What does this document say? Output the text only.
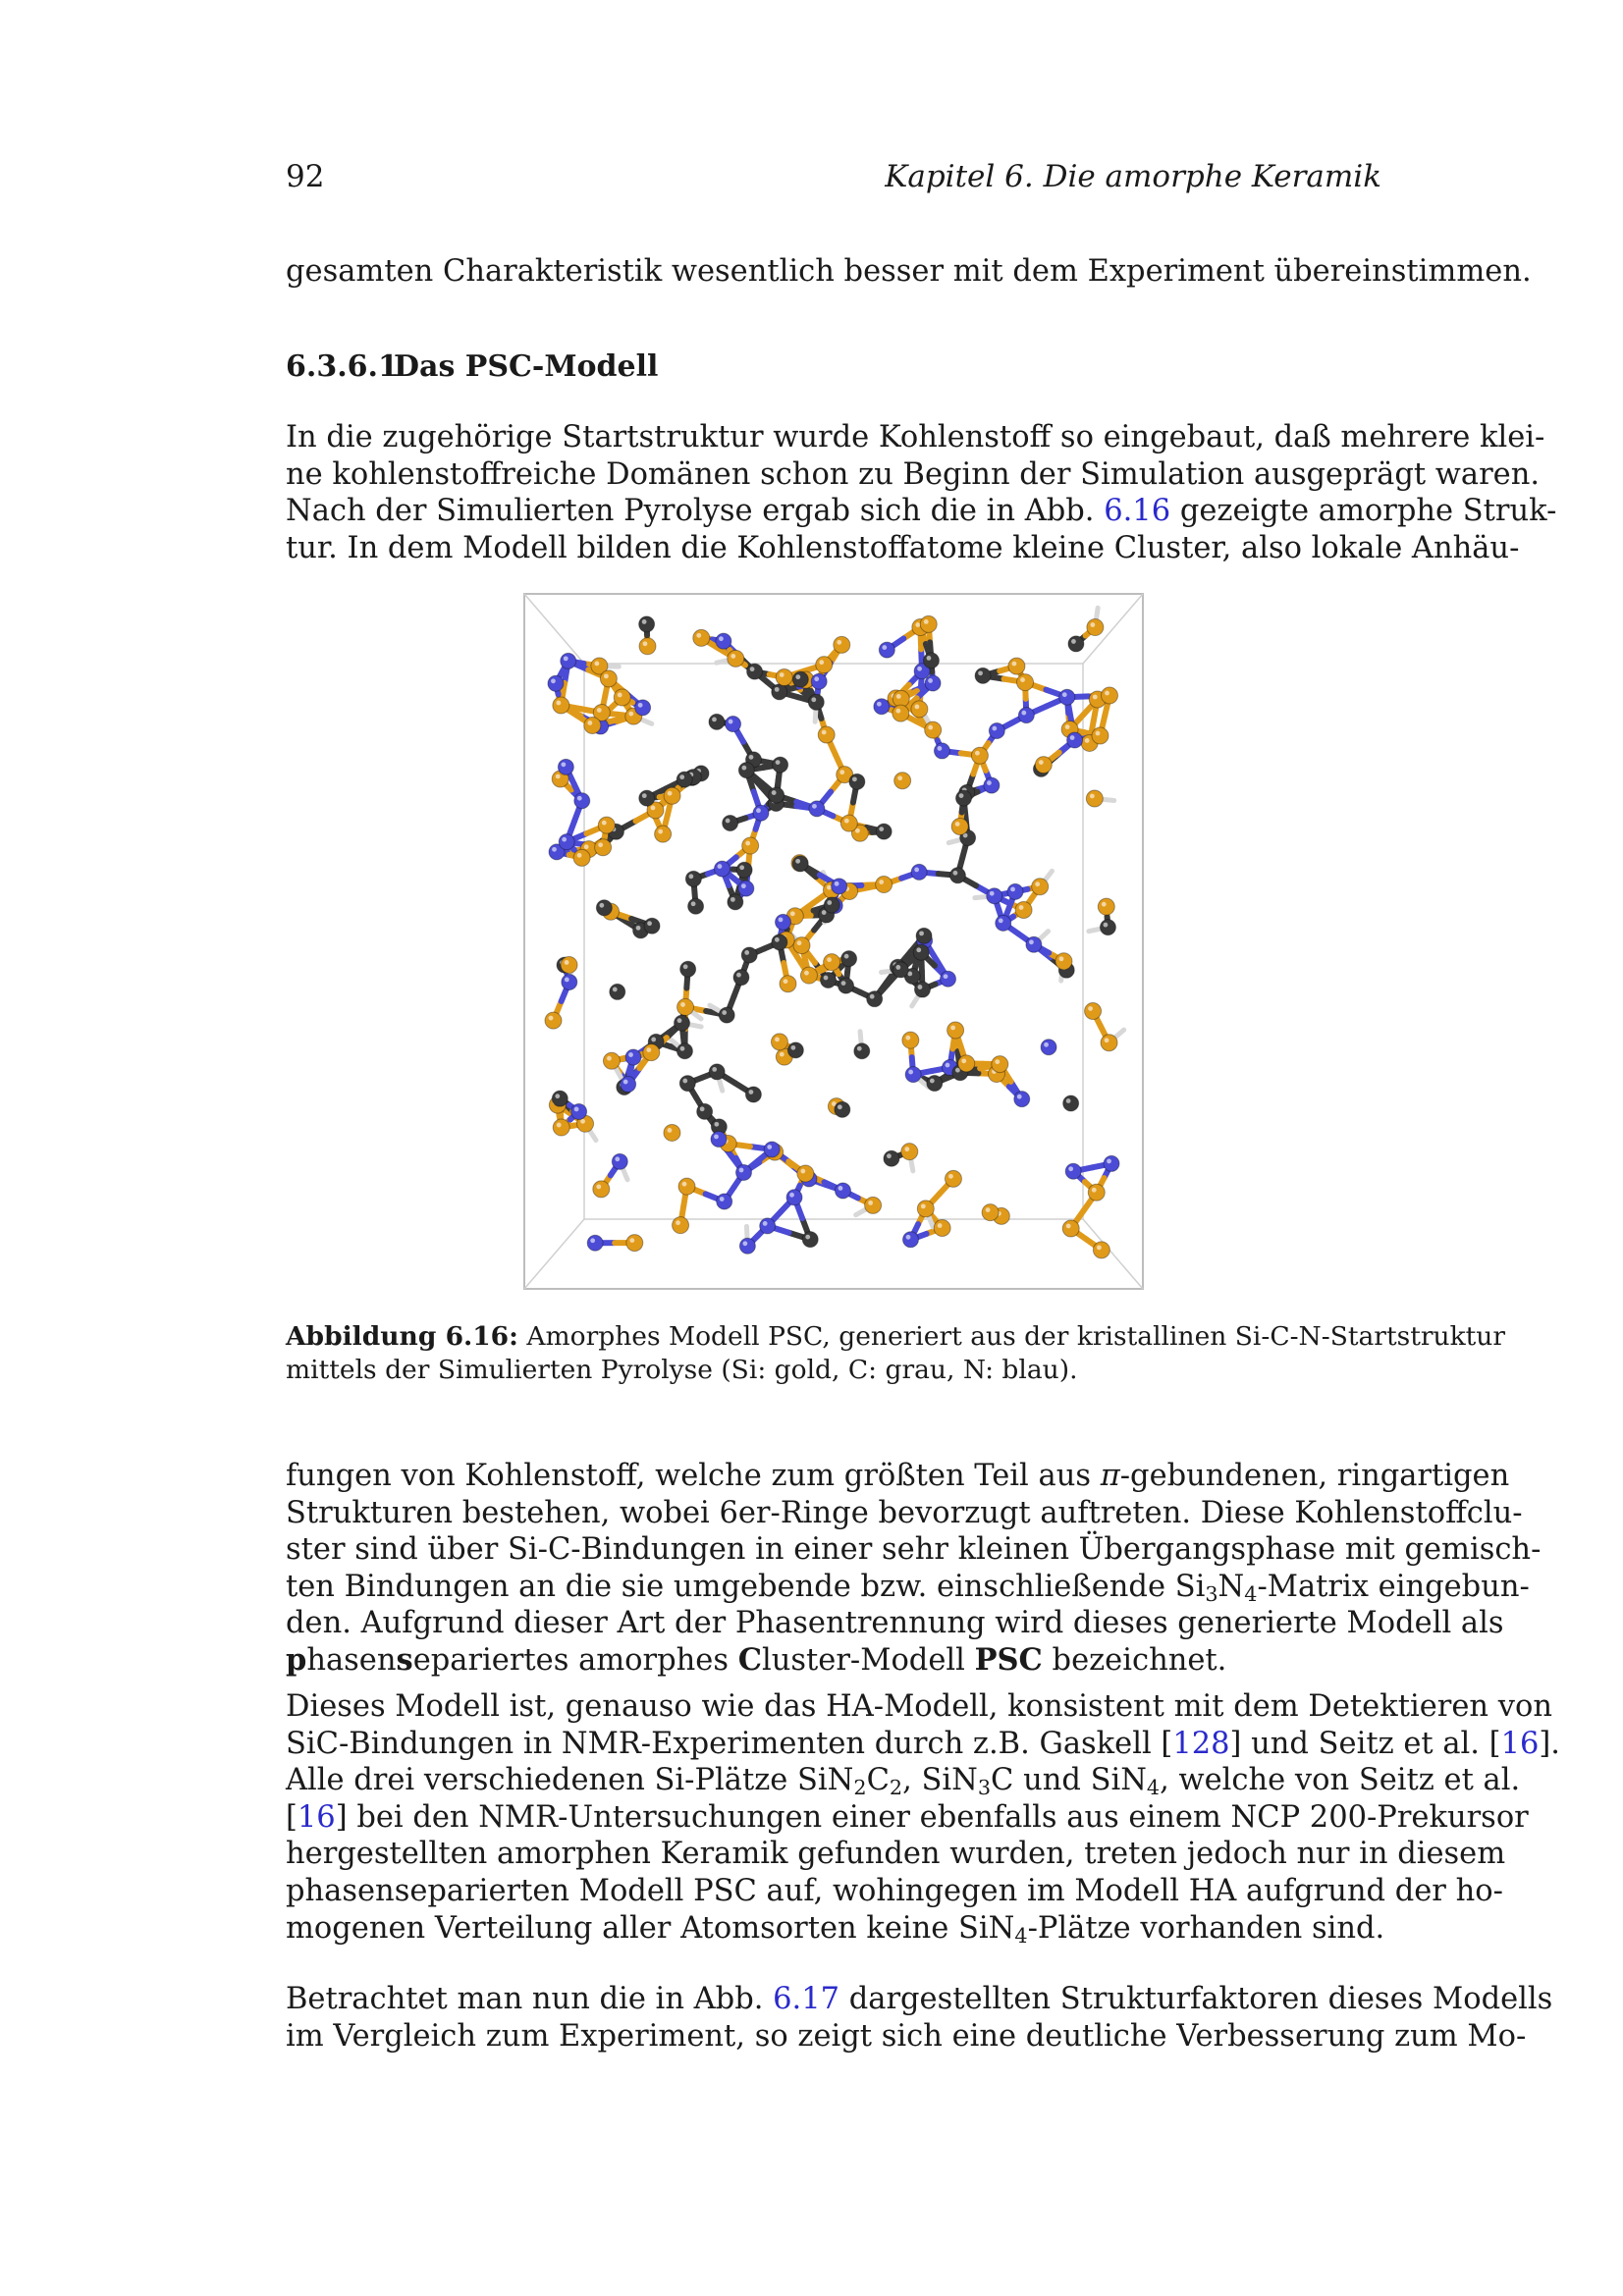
92	Kapitel 6. Die amorphe Keramik

gesamten Charakteristik wesentlich besser mit dem Experiment übereinstimmen.

6.3.6.1Das PSC-Modell

In die zugehörige Startstruktur wurde Kohlenstoff so eingebaut, daß mehrere klei-
ne kohlenstoffreiche Domänen schon zu Beginn der Simulation ausgeprägt waren.
Nach der Simulierten Pyrolyse ergab sich die in Abb. 6.16 gezeigte amorphe Struk-
tur. In dem Modell bilden die Kohlenstoffatome kleine Cluster, also lokale Anhäu-

Abbildung 6.16: Amorphes Modell PSC, generiert aus der kristallinen Si-C-N-Startstruktur
mittels der Simulierten Pyrolyse (Si: gold, C: grau, N: blau).

fungen von Kohlenstoff, welche zum größten Teil aus π-gebundenen, ringartigen
Strukturen bestehen, wobei 6er-Ringe bevorzugt auftreten. Diese Kohlenstoffclu-
ster sind über Si-C-Bindungen in einer sehr kleinen Übergangsphase mit gemisch-
ten Bindungen an die sie umgebende bzw. einschließende $Si_3N_4$-Matrix eingebun-
den. Aufgrund dieser Art der Phasentrennung wird dieses generierte Modell als
phasensepariertes amorphes Cluster-Modell PSC bezeichnet.

Dieses Modell ist, genauso wie das HA-Modell, konsistent mit dem Detektieren von
SiC-Bindungen in NMR-Experimenten durch z.B. Gaskell [128] und Seitz et al. [16].
Alle drei verschiedenen Si-Plätze $SiN_2C_2$, SiN$_3$C und SiN$_4$, welche von Seitz et al.
[16] bei den NMR-Untersuchungen einer ebenfalls aus einem NCP 200-Prekursor
hergestellten amorphen Keramik gefunden wurden, treten jedoch nur in diesem
phasenseparierten Modell PSC auf, wohingegen im Modell HA aufgrund der ho-
mogenen Verteilung aller Atomsorten keine SiN$_4$-Plätze vorhanden sind.

Betrachtet man nun die in Abb. 6.17 dargestellten Strukturfaktoren dieses Modells
im Vergleich zum Experiment, so zeigt sich eine deutliche Verbesserung zum Mo-
